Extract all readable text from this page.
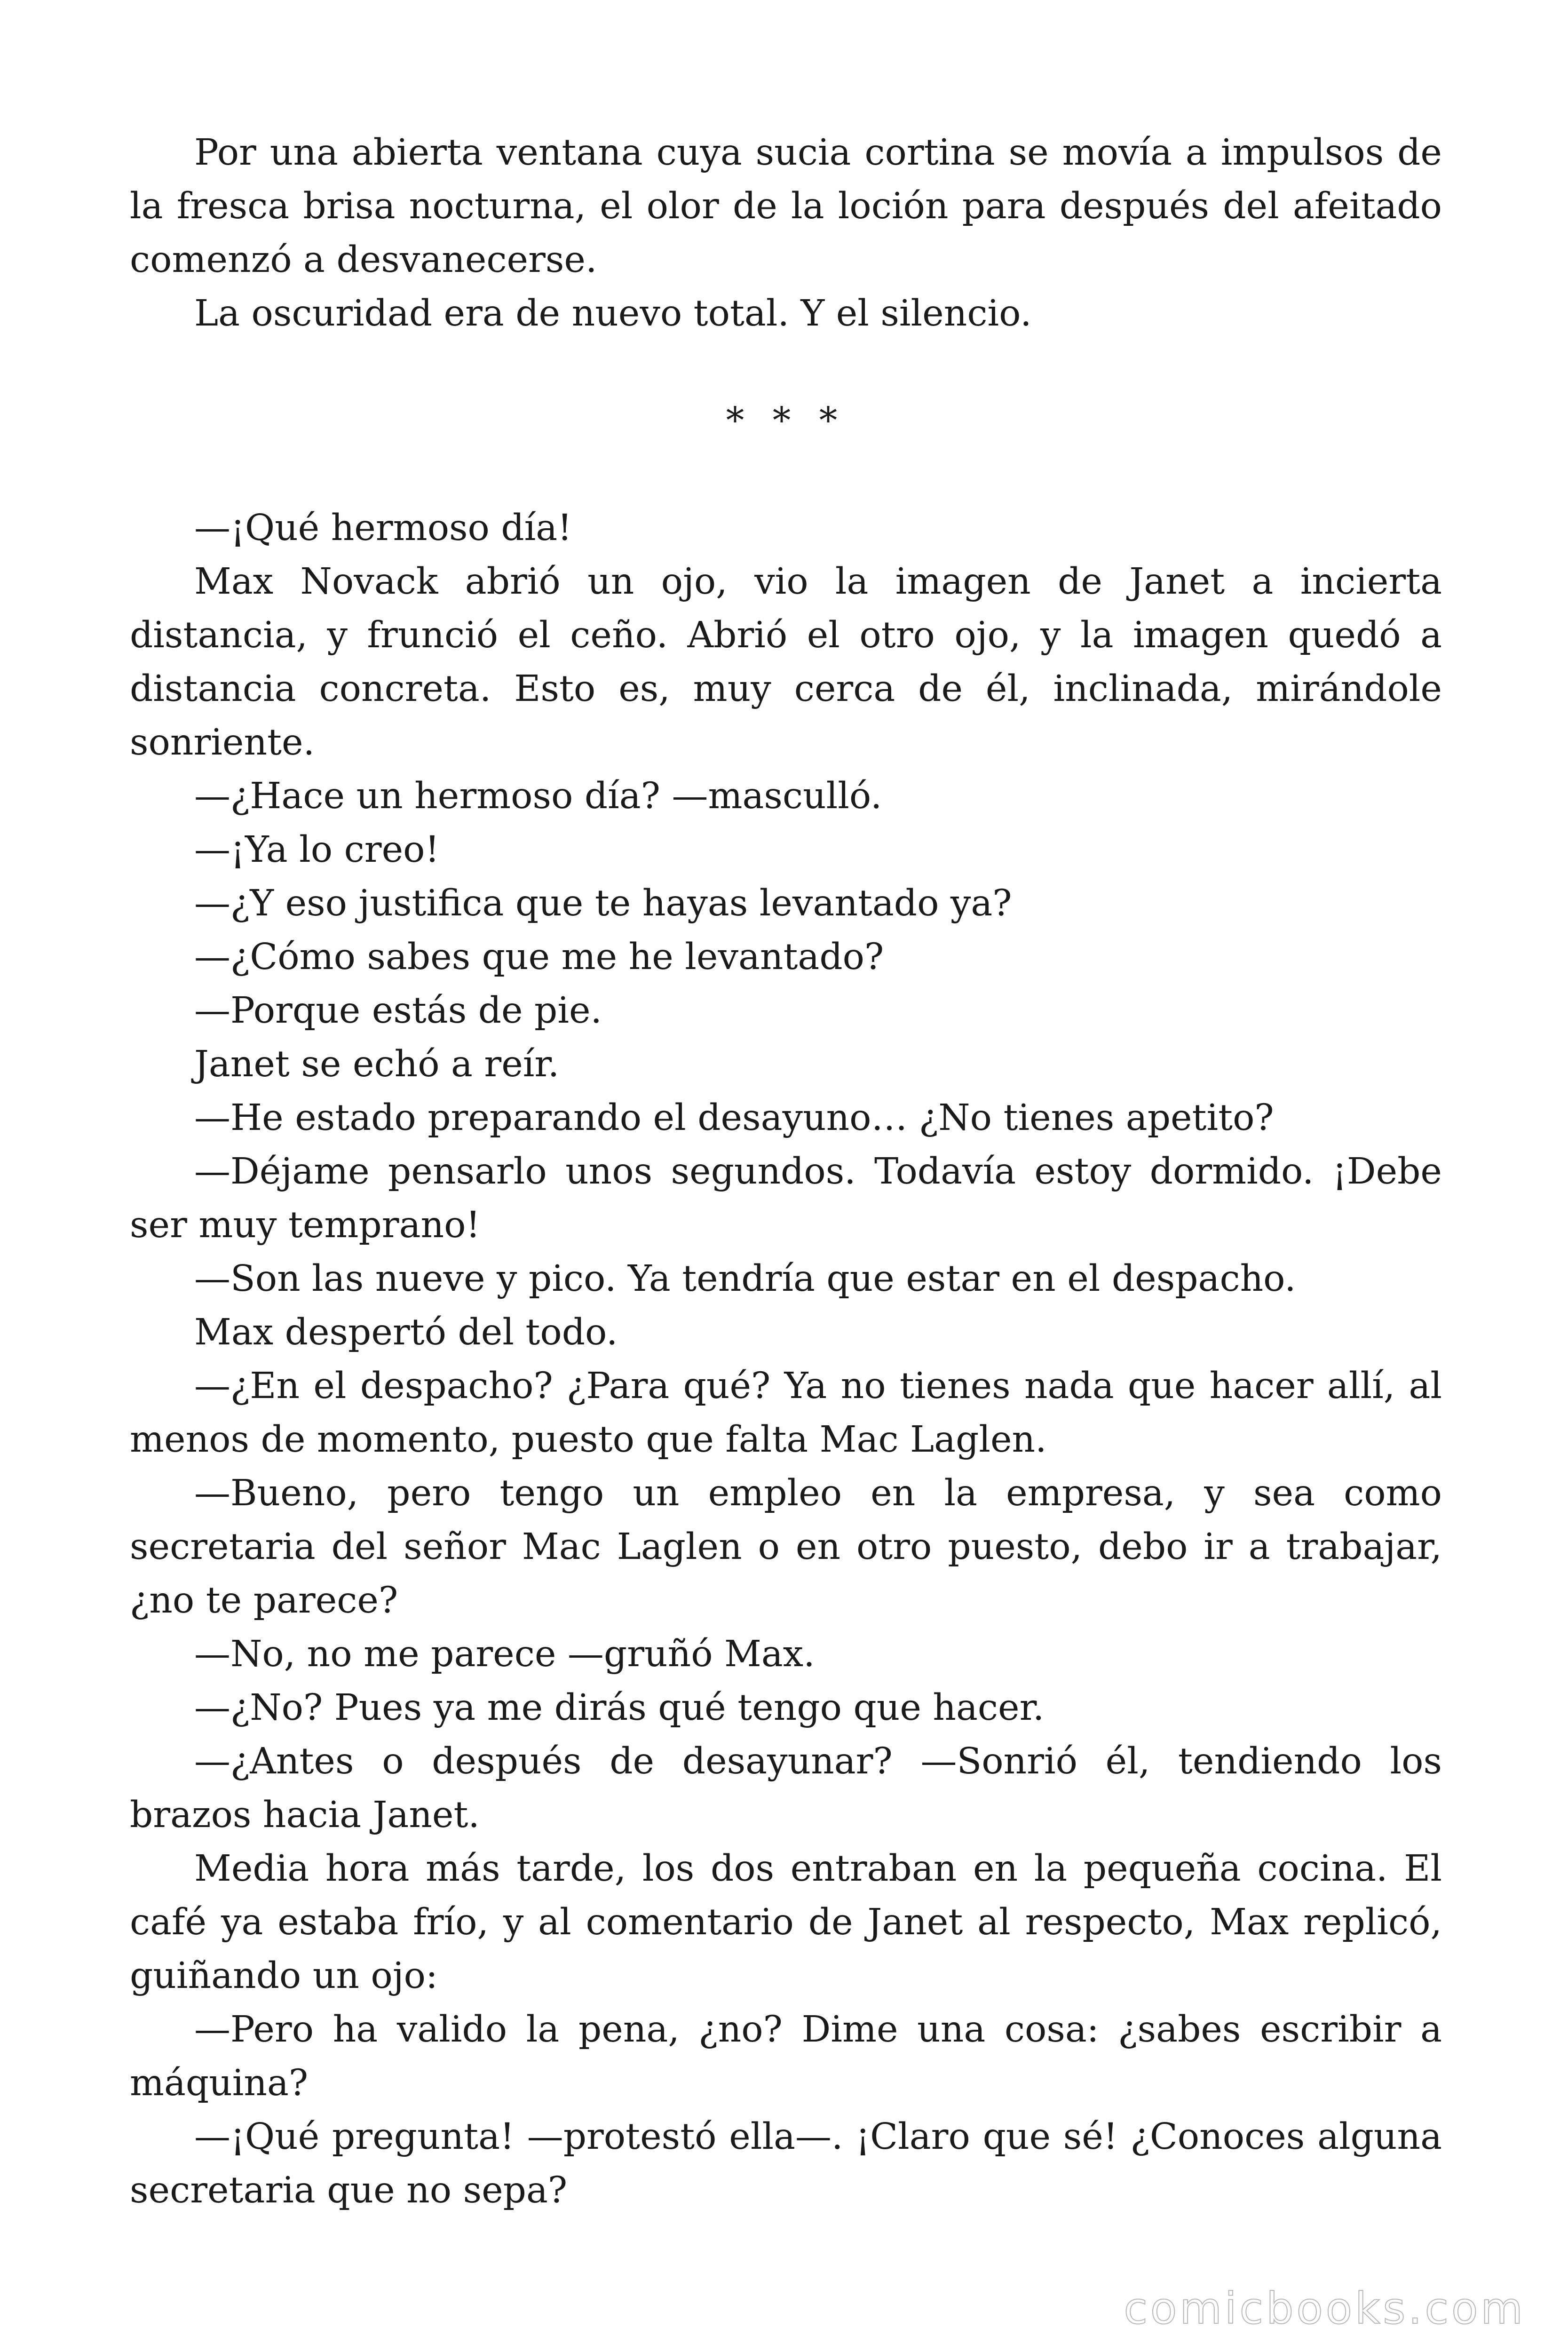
Por una abierta ventana cuya sucia cortina se movía a impulsos de la fresca brisa nocturna, el olor de la loción para después del afeitado comenzó a desvanecerse.

La oscuridad era de nuevo total. Y el silencio.

* * *

—¡Qué hermoso día!

Max Novack abrió un ojo, vio la imagen de Janet a incierta distancia, y frunció el ceño. Abrió el otro ojo, y la imagen quedó a distancia concreta. Esto es, muy cerca de él, inclinada, mirándole sonriente.

—¿Hace un hermoso día? —masculló.

—¡Ya lo creo!

—¿Y eso justifica que te hayas levantado ya?

—¿Cómo sabes que me he levantado?

—Porque estás de pie.

Janet se echó a reír.

—He estado preparando el desayuno… ¿No tienes apetito?

—Déjame pensarlo unos segundos. Todavía estoy dormido. ¡Debe ser muy temprano!

—Son las nueve y pico. Ya tendría que estar en el despacho.

Max despertó del todo.

—¿En el despacho? ¿Para qué? Ya no tienes nada que hacer allí, al menos de momento, puesto que falta Mac Laglen.

—Bueno, pero tengo un empleo en la empresa, y sea como secretaria del señor Mac Laglen o en otro puesto, debo ir a trabajar, ¿no te parece?

—No, no me parece —gruñó Max.

—¿No? Pues ya me dirás qué tengo que hacer.

—¿Antes o después de desayunar? —Sonrió él, tendiendo los brazos hacia Janet.

Media hora más tarde, los dos entraban en la pequeña cocina. El café ya estaba frío, y al comentario de Janet al respecto, Max replicó, guiñando un ojo:

—Pero ha valido la pena, ¿no? Dime una cosa: ¿sabes escribir a máquina?

—¡Qué pregunta! —protestó ella—. ¡Claro que sé! ¿Conoces alguna secretaria que no sepa?

comicbooks.com
